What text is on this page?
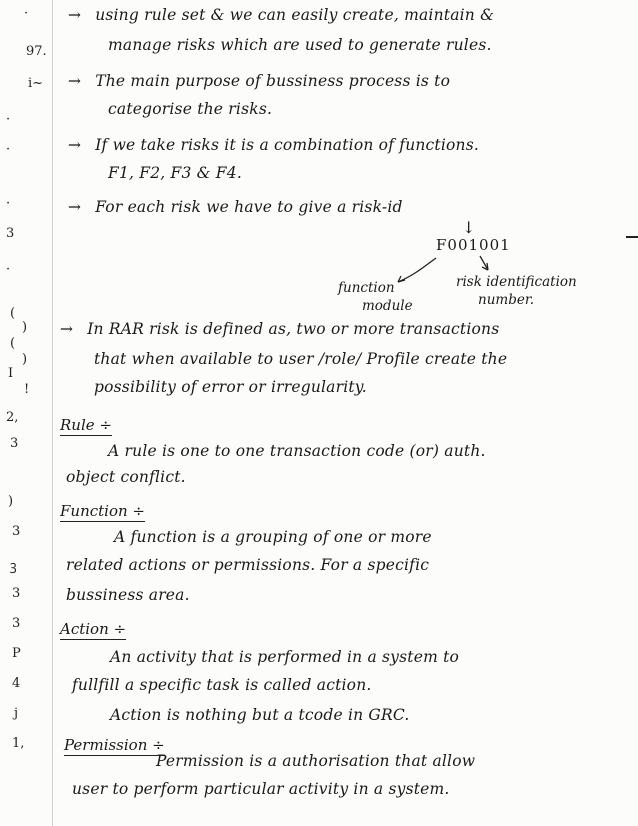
·
97.
i~
·
·
·
3
·
(
)
(
)
I
!
2,
3
)
3
ꝫ
3
3
P
4
j
1,
→ using rule set & we can easily create, maintain &
manage risks which are used to generate rules.
→ The main purpose of bussiness process is to
categorise the risks.
→ If we take risks it is a combination of functions.
F1, F2, F3 & F4.
→ For each risk we have to give a risk-id
↓
F001001
function
module
risk identification
number.
→ In RAR risk is defined as, two or more transactions
that when available to user /role/ Profile create the
possibility of error or irregularity.
Rule ÷
A rule is one to one transaction code (or) auth.
object conflict.
Function ÷
A function is a grouping of one or more
related actions or permissions. For a specific
bussiness area.
Action ÷
An activity that is performed in a system to
fullfill a specific task is called action.
Action is nothing but a tcode in GRC.
Permission ÷
Permission is a authorisation that allow
user to perform particular activity in a system.
